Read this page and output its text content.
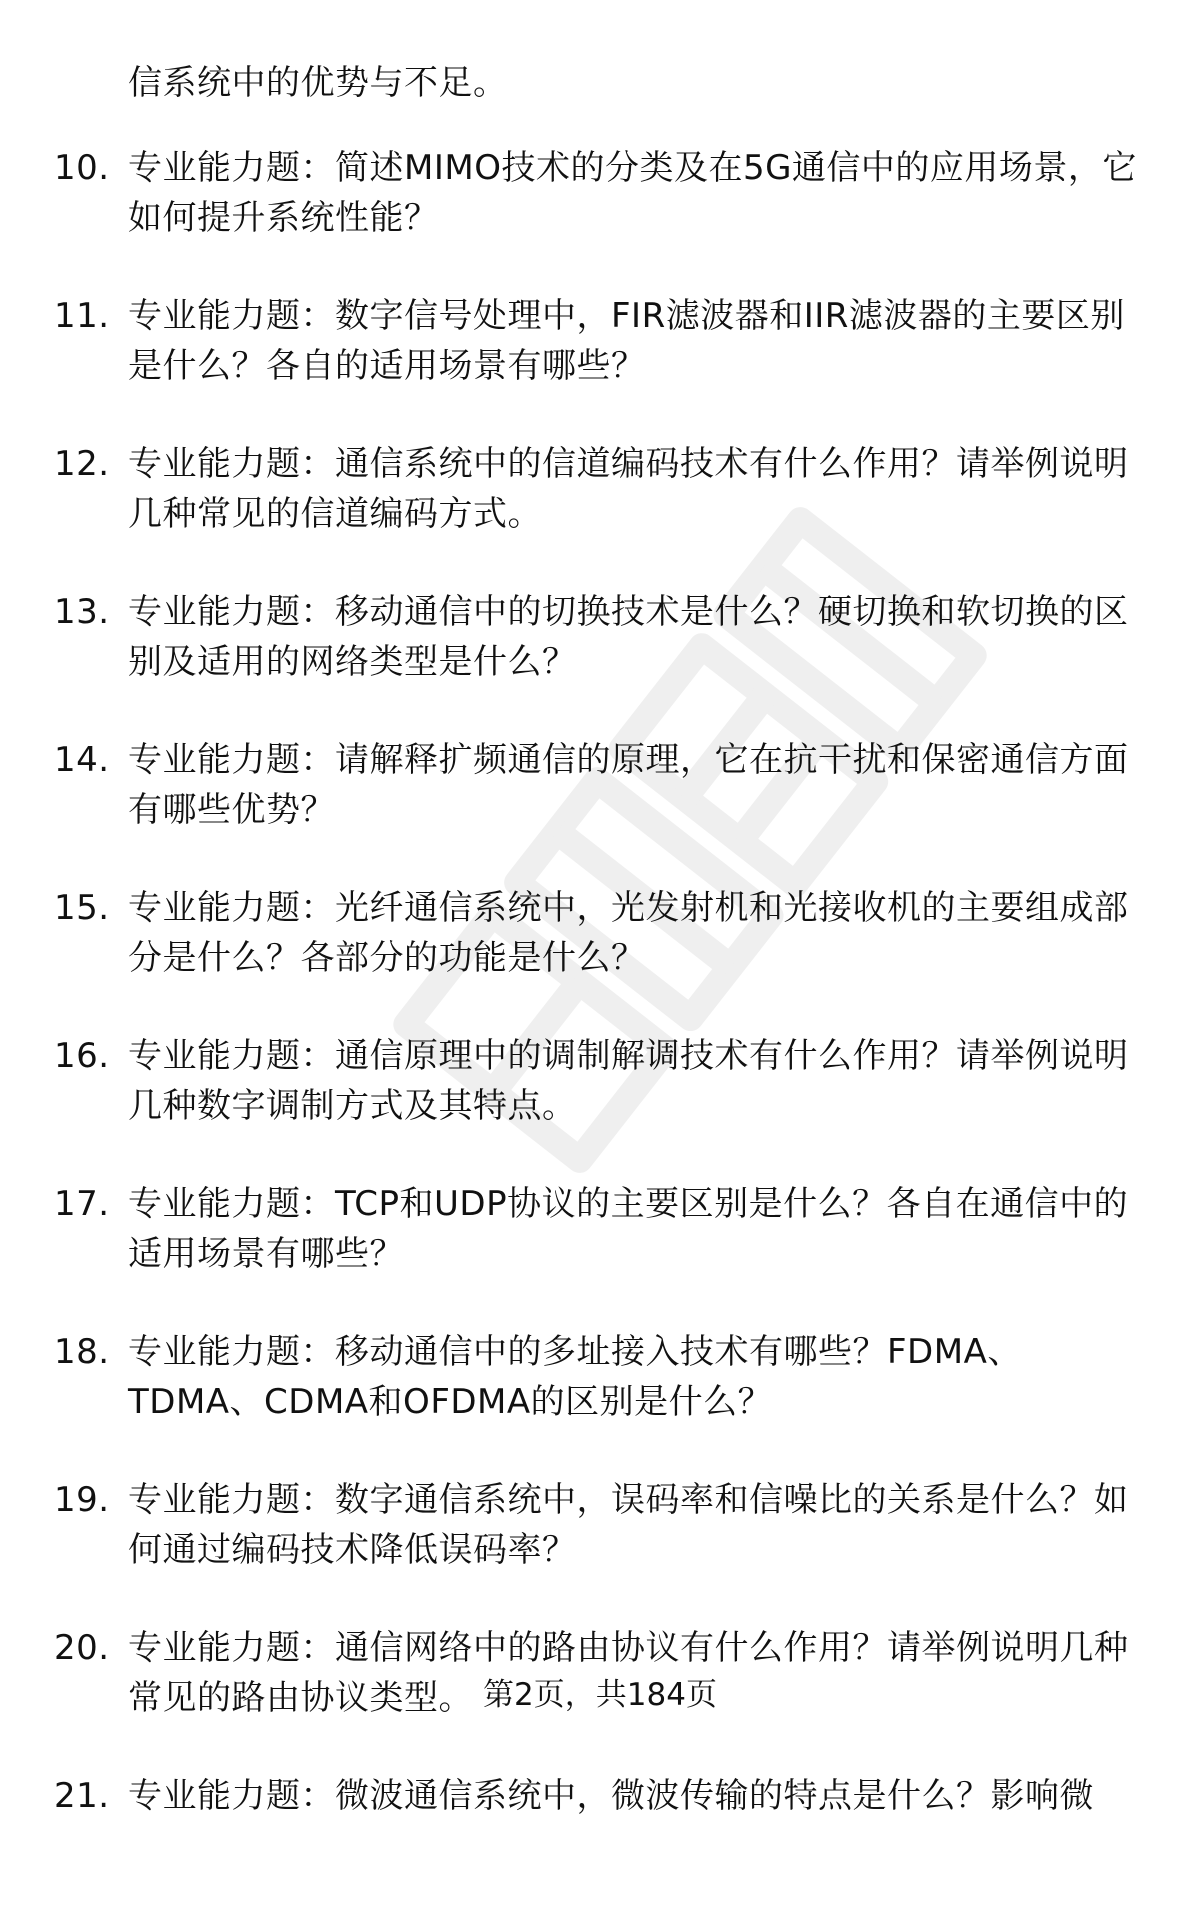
信系统中的优势与不足。
10. 专业能力题：简述MIMO技术的分类及在5G通信中的应用场景，它如何提升系统性能？
11. 专业能力题：数字信号处理中，FIR滤波器和IIR滤波器的主要区别是什么？各自的适用场景有哪些？
12. 专业能力题：通信系统中的信道编码技术有什么作用？请举例说明几种常见的信道编码方式。
13. 专业能力题：移动通信中的切换技术是什么？硬切换和软切换的区别及适用的网络类型是什么？
14. 专业能力题：请解释扩频通信的原理，它在抗干扰和保密通信方面有哪些优势？
15. 专业能力题：光纤通信系统中，光发射机和光接收机的主要组成部分是什么？各部分的功能是什么？
16. 专业能力题：通信原理中的调制解调技术有什么作用？请举例说明几种数字调制方式及其特点。
17. 专业能力题：TCP和UDP协议的主要区别是什么？各自在通信中的适用场景有哪些？
18. 专业能力题：移动通信中的多址接入技术有哪些？FDMA、TDMA、CDMA和OFDMA的区别是什么？
19. 专业能力题：数字通信系统中，误码率和信噪比的关系是什么？如何通过编码技术降低误码率？
20. 专业能力题：通信网络中的路由协议有什么作用？请举例说明几种常见的路由协议类型。
21. 专业能力题：微波通信系统中，微波传输的特点是什么？影响微
第2页，共184页
